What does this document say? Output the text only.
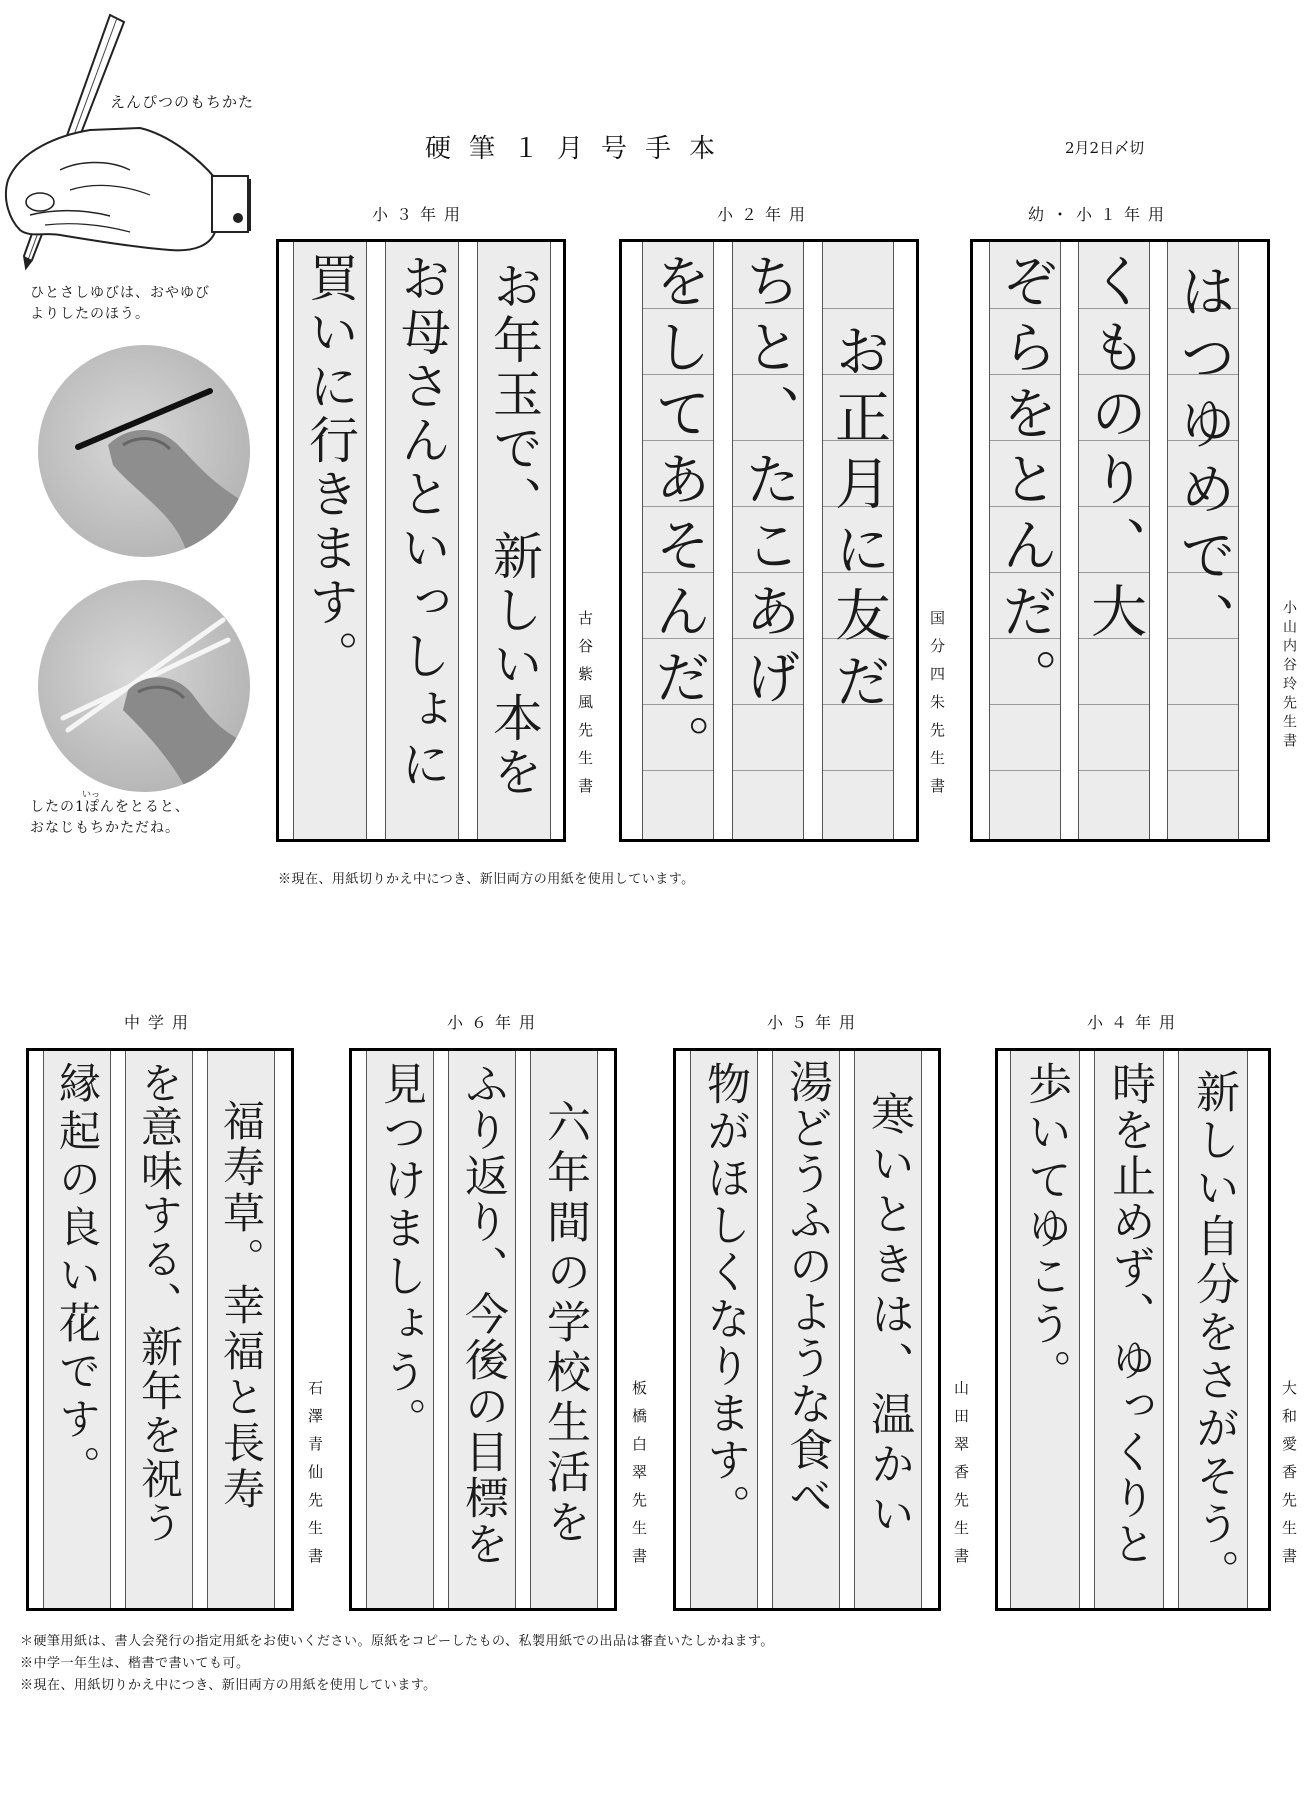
えんぴつのもちかた
ひとさしゆびは、おやゆび
よりしたのほう。
いっ
したの1ぽんをとると、
おなじもちかただね。
硬筆１月号手本	2月2日〆切
幼・小１年用
小２年用
小３年用
はつゆめで、
くものり、大
ぞらをとんだ。	小山内谷玲先生書
お正月に友だ
ちと、たこあげ
をしてあそんだ。	国分四朱先生書
お年玉で、新しい本を
お母さんといっしょに
買いに行きます。
古谷紫風先生書
※現在、用紙切りかえ中につき、新旧両方の用紙を使用しています。
小４年用
小５年用
小６年用
中学用
新しい自分をさがそう。
時を止めず、ゆっくりと
歩いてゆこう。
大和愛香先生書
寒いときは、温かい
湯どうふのような食べ
物がほしくなります。	山田翠香先生書
六年間の学校生活を
ふり返り、今後の目標を
見つけましょう。
板橋白翠先生書
福寿草。幸福と長寿
を意味する、新年を祝う
縁起の良い花です。	石澤青仙先生書
＊硬筆用紙は、書人会発行の指定用紙をお使いください。原紙をコピーしたもの、私製用紙での出品は審査いたしかねます。
※中学一年生は、楷書で書いても可。
※現在、用紙切りかえ中につき、新旧両方の用紙を使用しています。
